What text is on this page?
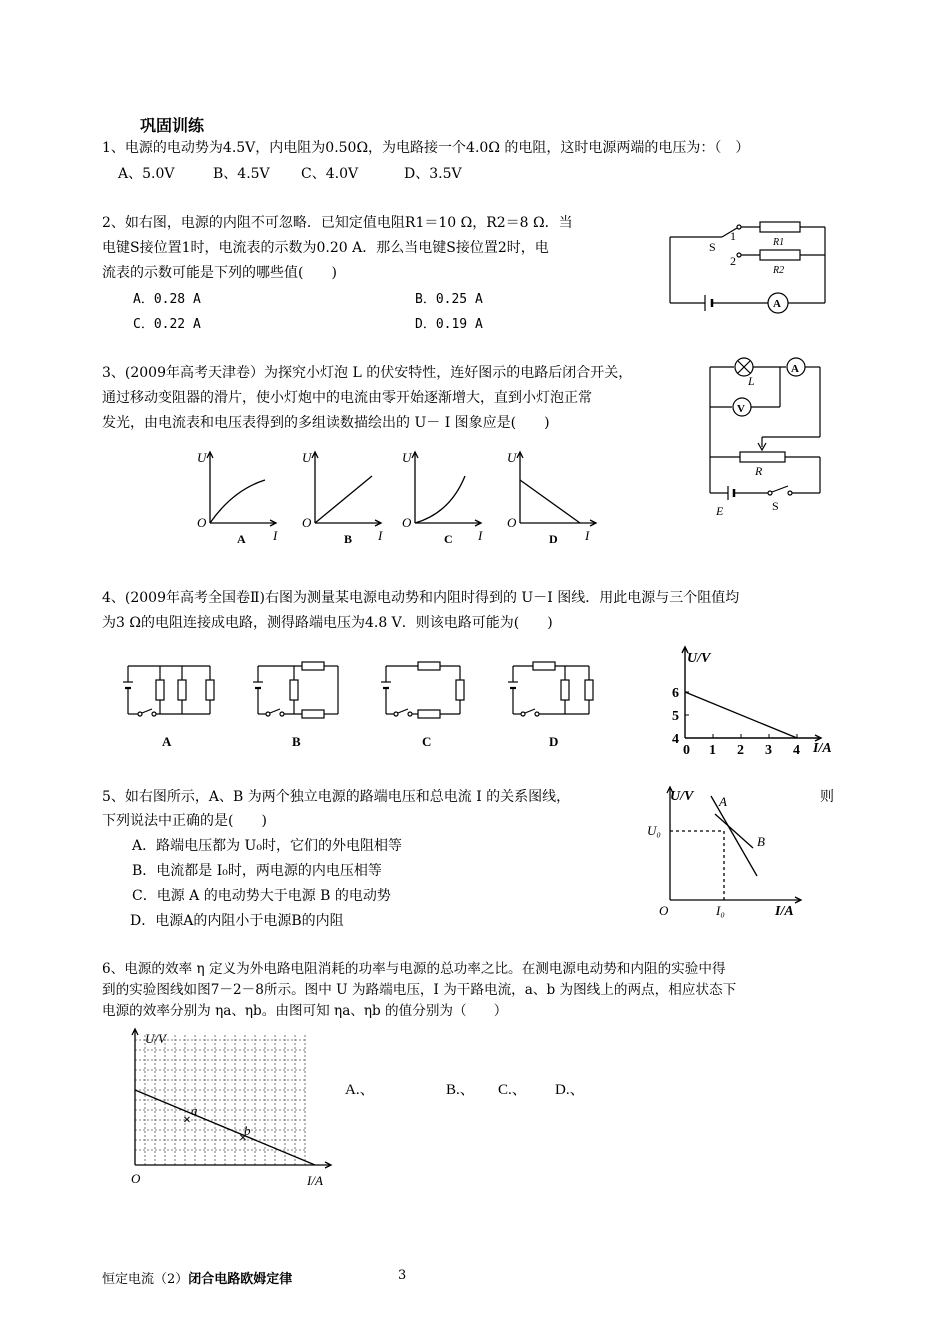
巩固训练
1、电源的电动势为4.5V，内电阻为0.50Ω，为电路接一个4.0Ω 的电阻，这时电源两端的电压为：（　）
A、5.0V	B、4.5V C、4.0V	D、3.5V
2、如右图，电源的内阻不可忽略．已知定值电阻R1＝10 Ω，R2＝8 Ω．当
电键S接位置1时，电流表的示数为0.20 A．那么当电键S接位置2时，电
流表的示数可能是下列的哪些值(　　)
A．0.28 A	B．0.25 A
C．0.22 A	D．0.19 A
S
1
2
R1
R2
A
3、(2009年高考天津卷）为探究小灯泡 L 的伏安特性，连好图示的电路后闭合开关，
通过移动变阻器的滑片，使小灯炮中的电流由零开始逐渐增大，直到小灯泡正常
发光，由电流表和电压表得到的多组读数描绘出的 U－ I 图象应是(　　)
U
O
I
A
U
O
I
B
U
O
I
C
U
O
I
D
L
A
V
R
E	S
4、(2009年高考全国卷Ⅱ)右图为测量某电源电动势和内阻时得到的 U－I 图线．用此电源与三个阻值均
为3 Ω的电阻连接成电路，测得路端电压为4.8 V．则该电路可能为(　　)
A	B	C	D
U/V
I/A
0 1 2 3 4
6
5
4
5、如右图所示，A、B 为两个独立电源的路端电压和总电流 I 的关系图线，	则
下列说法中正确的是(　　)
A．路端电压都为 U₀时，它们的外电阻相等
B．电流都是 I₀时，两电源的内电压相等
C．电源 A 的电动势大于电源 B 的电动势
D．电源A的内阻小于电源B的内阻
U/V
I/A
O
U₀
I₀
A
B
6、电源的效率 η 定义为外电路电阻消耗的功率与电源的总功率之比。在测电源电动势和内阻的实验中得
到的实验图线如图7－2－8所示。图中 U 为路端电压，I 为干路电流，a、b 为图线上的两点，相应状态下
电源的效率分别为 ηa、ηb。由图可知 ηa、ηb 的值分别为（　　）
×
×
U/V
I/A
O
a
b
A.、	B.、 C.、 D.、
恒定电流（2）闭合电路欧姆定律	3
